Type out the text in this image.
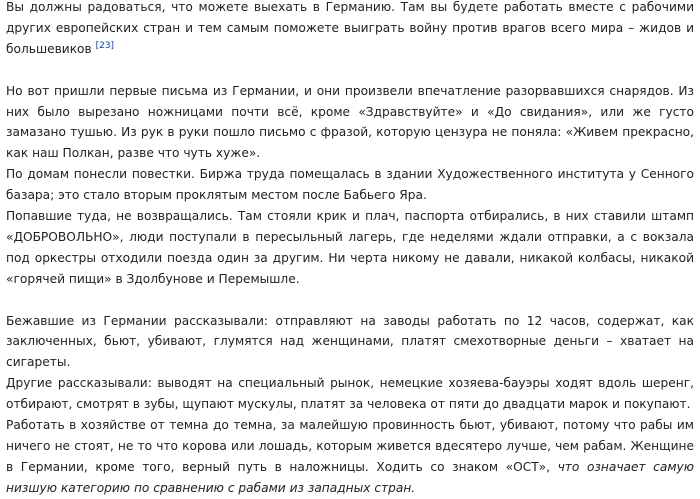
Вы должны радоваться, что можете выехать в Германию. Там вы будете работать вместе с рабочими других европейских стран и тем самым поможете выиграть войну против врагов всего мира – жидов и большевиков [23]

Но вот пришли первые письма из Германии, и они произвели впечатление разорвавшихся снарядов. Из них было вырезано ножницами почти всё, кроме «Здравствуйте» и «До свидания», или же густо замазано тушью. Из рук в руки пошло письмо с фразой, которую цензура не поняла: «Живем прекрасно, как наш Полкан, разве что чуть хуже».

По домам понесли повестки. Биржа труда помещалась в здании Художественного института у Сенного базара; это стало вторым проклятым местом после Бабьего Яра.

Попавшие туда, не возвращались. Там стояли крик и плач, паспорта отбирались, в них ставили штамп «ДОБРОВОЛЬНО», люди поступали в пересыльный лагерь, где неделями ждали отправки, а с вокзала под оркестры отходили поезда один за другим. Ни черта никому не давали, никакой колбасы, никакой «горячей пищи» в Здолбунове и Перемышле.

Бежавшие из Германии рассказывали: отправляют на заводы работать по 12 часов, содержат, как заключенных, бьют, убивают, глумятся над женщинами, платят смехотворные деньги – хватает на сигареты.

Другие рассказывали: выводят на специальный рынок, немецкие хозяева-бауэры ходят вдоль шеренг, отбирают, смотрят в зубы, щупают мускулы, платят за человека от пяти до двадцати марок и покупают.

Работать в хозяйстве от темна до темна, за малейшую провинность бьют, убивают, потому что рабы им ничего не стоят, не то что корова или лошадь, которым живется вдесятеро лучше, чем рабам. Женщине в Германии, кроме того, верный путь в наложницы. Ходить со знаком «ОСТ», что означает самую низшую категорию по сравнению с рабами из западных стран.
